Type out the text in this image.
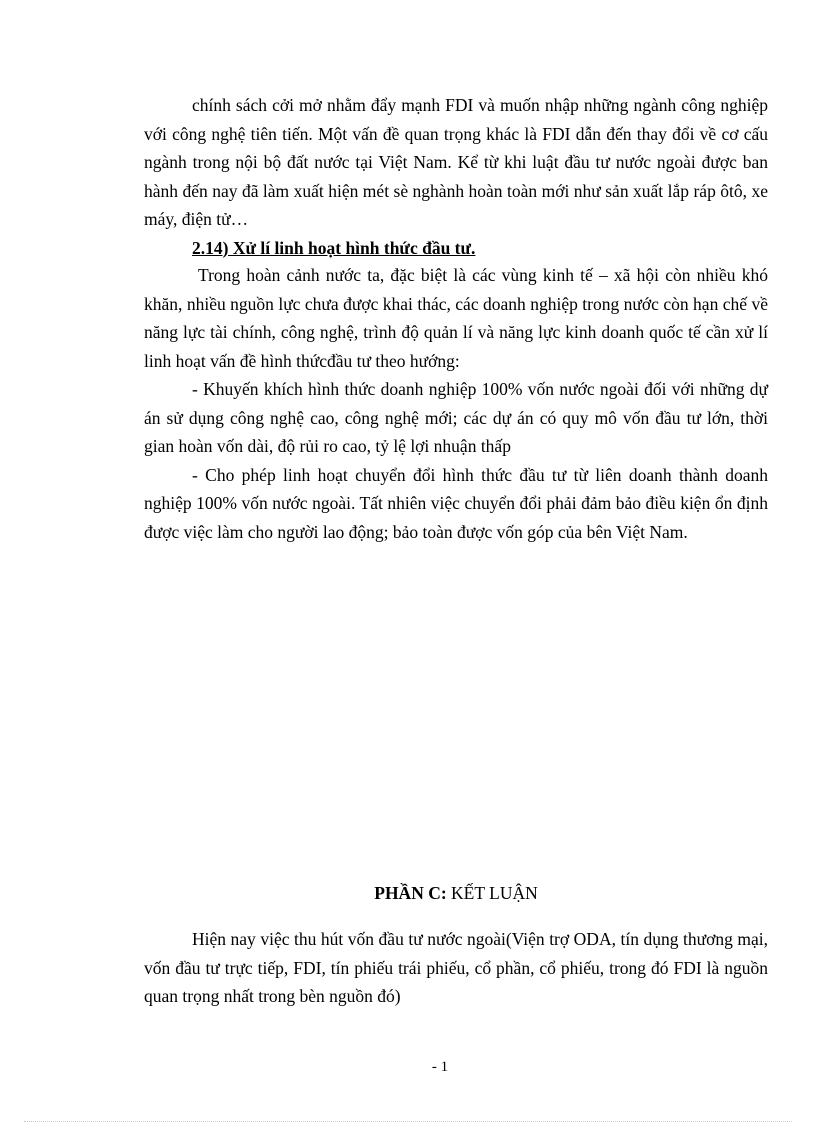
chính sách cởi mở nhằm đẩy mạnh FDI và muốn nhập những ngành công nghiệp với công nghệ tiên tiến. Một vấn đề quan trọng khác là FDI dẫn đến thay đổi về cơ cấu ngành trong nội bộ đất nước tại Việt Nam. Kể từ khi luật đầu tư nước ngoài được ban hành đến nay đã làm xuất hiện mét sè nghành hoàn toàn mới như sản xuất lắp ráp ôtô, xe máy, điện tử…

2.14) Xử lí linh hoạt hình thức đầu tư.

Trong hoàn cảnh nước ta, đặc biệt là các vùng kinh tế – xã hội còn nhiều khó khăn, nhiều nguồn lực chưa được khai thác, các doanh nghiệp trong nước còn hạn chế về năng lực tài chính, công nghệ, trình độ quản lí và năng lực kinh doanh quốc tế cần xử lí linh hoạt vấn đề hình thứcđầu tư theo hướng:

- Khuyến khích hình thức doanh nghiệp 100% vốn nước ngoài đối với những dự án sử dụng công nghệ cao, công nghệ mới; các dự án có quy mô vốn đầu tư lớn, thời gian hoàn vốn dài, độ rủi ro cao, tỷ lệ lợi nhuận thấp

- Cho phép linh hoạt chuyển đổi hình thức đầu tư từ liên doanh thành doanh nghiệp 100% vốn nước ngoài. Tất nhiên việc chuyển đổi phải đảm bảo điều kiện ổn định được việc làm cho người lao động; bảo toàn được vốn góp của bên Việt Nam.

PHẦN C: KẾT LUẬN

Hiện nay việc thu hút vốn đầu tư nước ngoài(Viện trợ ODA, tín dụng thương mại, vốn đầu tư trực tiếp, FDI, tín phiếu trái phiếu, cổ phần, cổ phiếu, trong đó FDI là nguồn quan trọng nhất trong bèn nguồn đó)

- 1
